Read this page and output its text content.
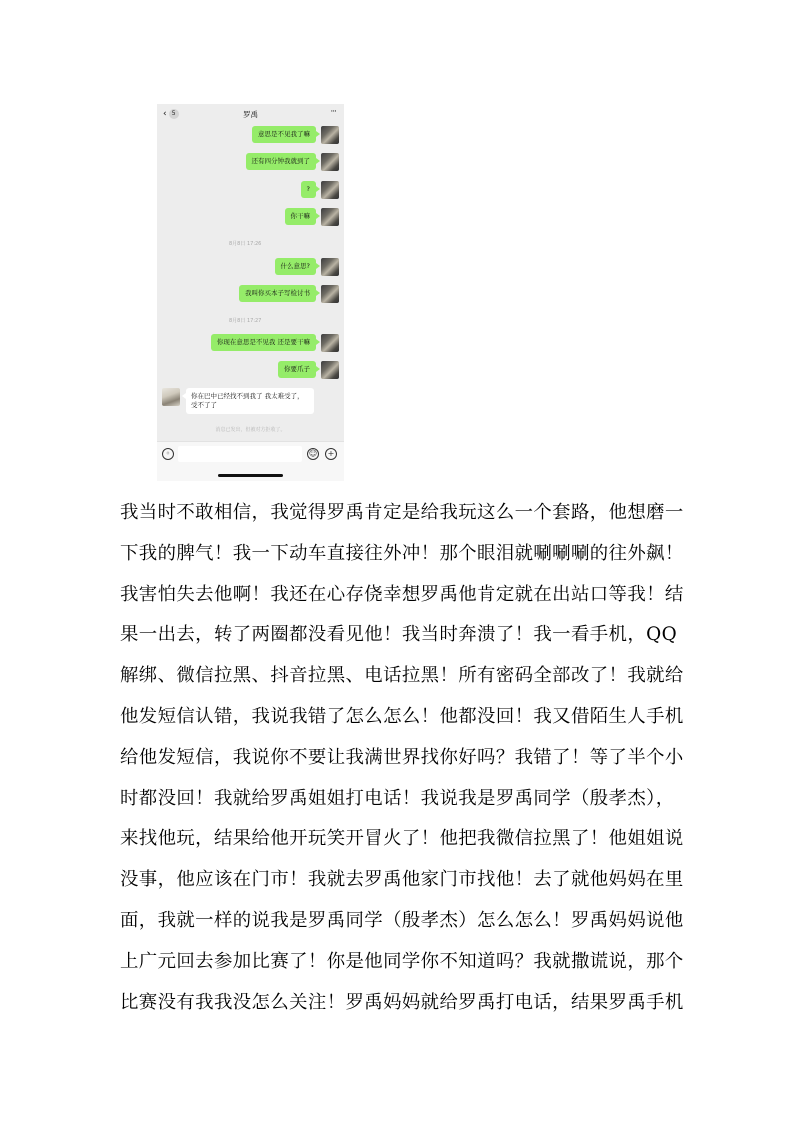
‹ 5	罗禹	···
意思是不见我了嘛
还有四分钟我就到了
?
你干嘛
8月8日 17:26
什么意思?
我叫你买本子写检讨书
8月8日 17:27
你现在意思是不见我 还是要干嘛
你要爪子
你在巴中已经找不到我了 我太难受了，受不了了
消息已发出，但被对方拒收了。
◦	☺	+
我当时不敢相信，我觉得罗禹肯定是给我玩这么一个套路，他想磨一
下我的脾气！我一下动车直接往外冲！那个眼泪就唰唰唰的往外飙！
我害怕失去他啊！我还在心存侥幸想罗禹他肯定就在出站口等我！结
果一出去，转了两圈都没看见他！我当时奔溃了！我一看手机，QQ
解绑、微信拉黑、抖音拉黑、电话拉黑！所有密码全部改了！我就给
他发短信认错，我说我错了怎么怎么！他都没回！我又借陌生人手机
给他发短信，我说你不要让我满世界找你好吗？我错了！等了半个小
时都没回！我就给罗禹姐姐打电话！我说我是罗禹同学（殷孝杰），
来找他玩，结果给他开玩笑开冒火了！他把我微信拉黑了！他姐姐说
没事，他应该在门市！我就去罗禹他家门市找他！去了就他妈妈在里
面，我就一样的说我是罗禹同学（殷孝杰）怎么怎么！罗禹妈妈说他
上广元回去参加比赛了！你是他同学你不知道吗？我就撒谎说，那个
比赛没有我我没怎么关注！罗禹妈妈就给罗禹打电话，结果罗禹手机
